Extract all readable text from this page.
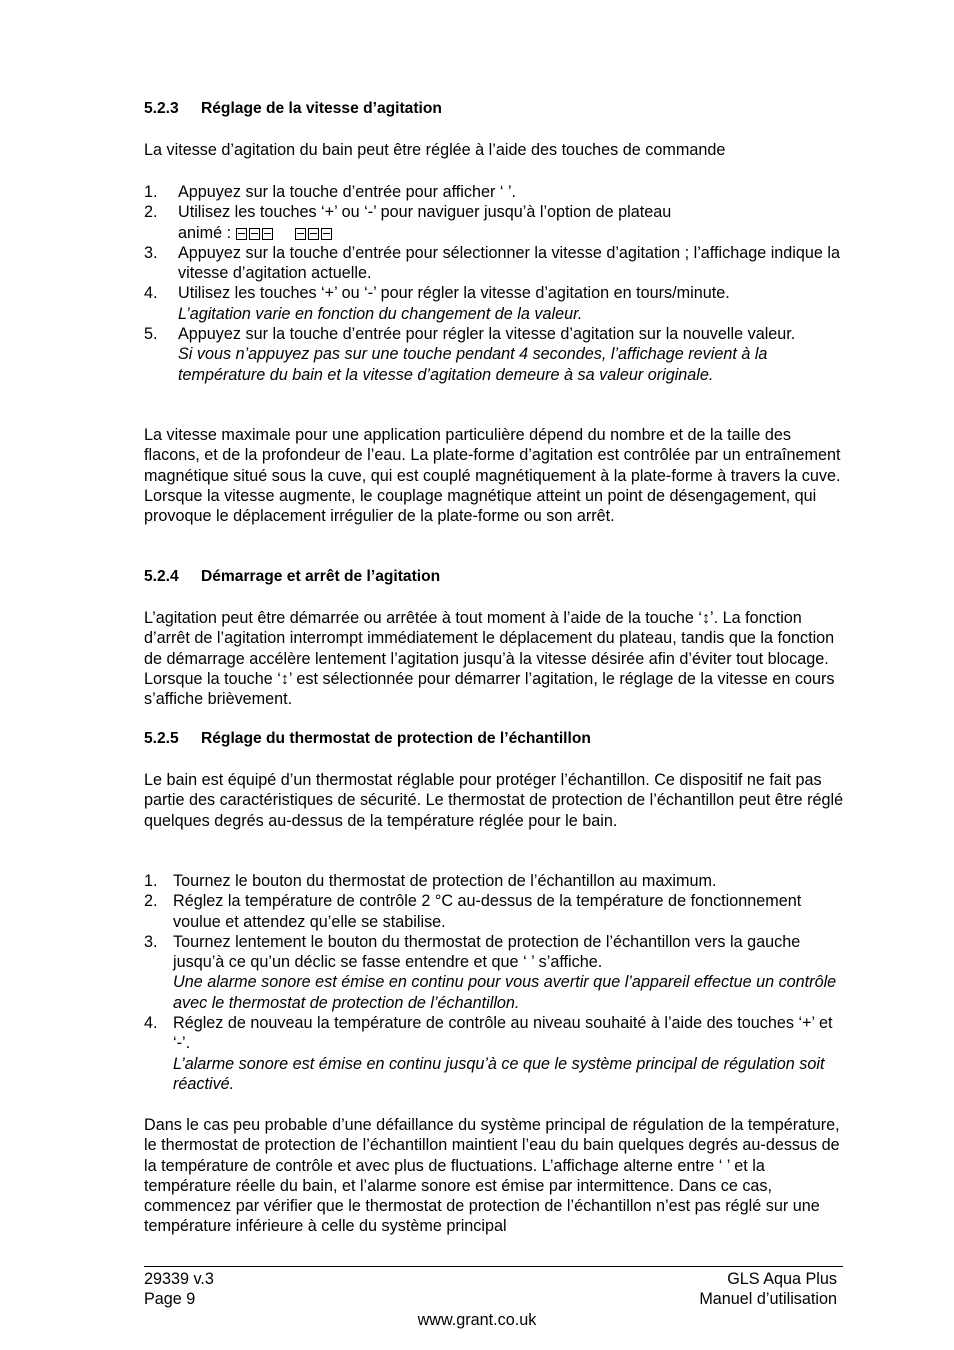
5.2.3 Réglage de la vitesse d’agitation

La vitesse d’agitation du bain peut être réglée à l’aide des touches de commande

1. Appuyez sur la touche d’entrée pour afficher ‘ ’.
2. Utilisez les touches ‘+’ ou ‘-’ pour naviguer jusqu’à l’option de plateau
animé :
3. Appuyez sur la touche d’entrée pour sélectionner la vitesse d’agitation ; l’affichage indique la vitesse d’agitation actuelle.
4. Utilisez les touches ‘+’ ou ‘-’ pour régler la vitesse d’agitation en tours/minute.
L’agitation varie en fonction du changement de la valeur.
5. Appuyez sur la touche d’entrée pour régler la vitesse d’agitation sur la nouvelle valeur.
Si vous n’appuyez pas sur une touche pendant 4 secondes, l’affichage revient à la température du bain et la vitesse d’agitation demeure à sa valeur originale.

La vitesse maximale pour une application particulière dépend du nombre et de la taille des flacons, et de la profondeur de l’eau. La plate-forme d’agitation est contrôlée par un entraînement magnétique situé sous la cuve, qui est couplé magnétiquement à la plate-forme à travers la cuve. Lorsque la vitesse augmente, le couplage magnétique atteint un point de désengagement, qui provoque le déplacement irrégulier de la plate-forme ou son arrêt.

5.2.4 Démarrage et arrêt de l’agitation

L’agitation peut être démarrée ou arrêtée à tout moment à l’aide de la touche ‘↕’. La fonction d’arrêt de l’agitation interrompt immédiatement le déplacement du plateau, tandis que la fonction de démarrage accélère lentement l’agitation jusqu’à la vitesse désirée afin d’éviter tout blocage. Lorsque la touche ‘↕’ est sélectionnée pour démarrer l’agitation, le réglage de la vitesse en cours s’affiche brièvement.

5.2.5 Réglage du thermostat de protection de l’échantillon

Le bain est équipé d’un thermostat réglable pour protéger l’échantillon. Ce dispositif ne fait pas partie des caractéristiques de sécurité. Le thermostat de protection de l’échantillon peut être réglé quelques degrés au-dessus de la température réglée pour le bain.

1. Tournez le bouton du thermostat de protection de l’échantillon au maximum.
2. Réglez la température de contrôle 2 °C au-dessus de la température de fonctionnement voulue et attendez qu’elle se stabilise.
3. Tournez lentement le bouton du thermostat de protection de l’échantillon vers la gauche jusqu’à ce qu’un déclic se fasse entendre et que ‘ ’ s’affiche.
Une alarme sonore est émise en continu pour vous avertir que l’appareil effectue un contrôle avec le thermostat de protection de l’échantillon.
4. Réglez de nouveau la température de contrôle au niveau souhaité à l’aide des touches ‘+’ et ‘-’.
L’alarme sonore est émise en continu jusqu’à ce que le système principal de régulation soit réactivé.

Dans le cas peu probable d’une défaillance du système principal de régulation de la température, le thermostat de protection de l’échantillon maintient l’eau du bain quelques degrés au-dessus de la température de contrôle et avec plus de fluctuations. L’affichage alterne entre ‘ ’ et la température réelle du bain, et l’alarme sonore est émise par intermittence. Dans ce cas, commencez par vérifier que le thermostat de protection de l’échantillon n’est pas réglé sur une température inférieure à celle du système principal

29339 v.3
Page 9
GLS Aqua Plus
Manuel d’utilisation
www.grant.co.uk
